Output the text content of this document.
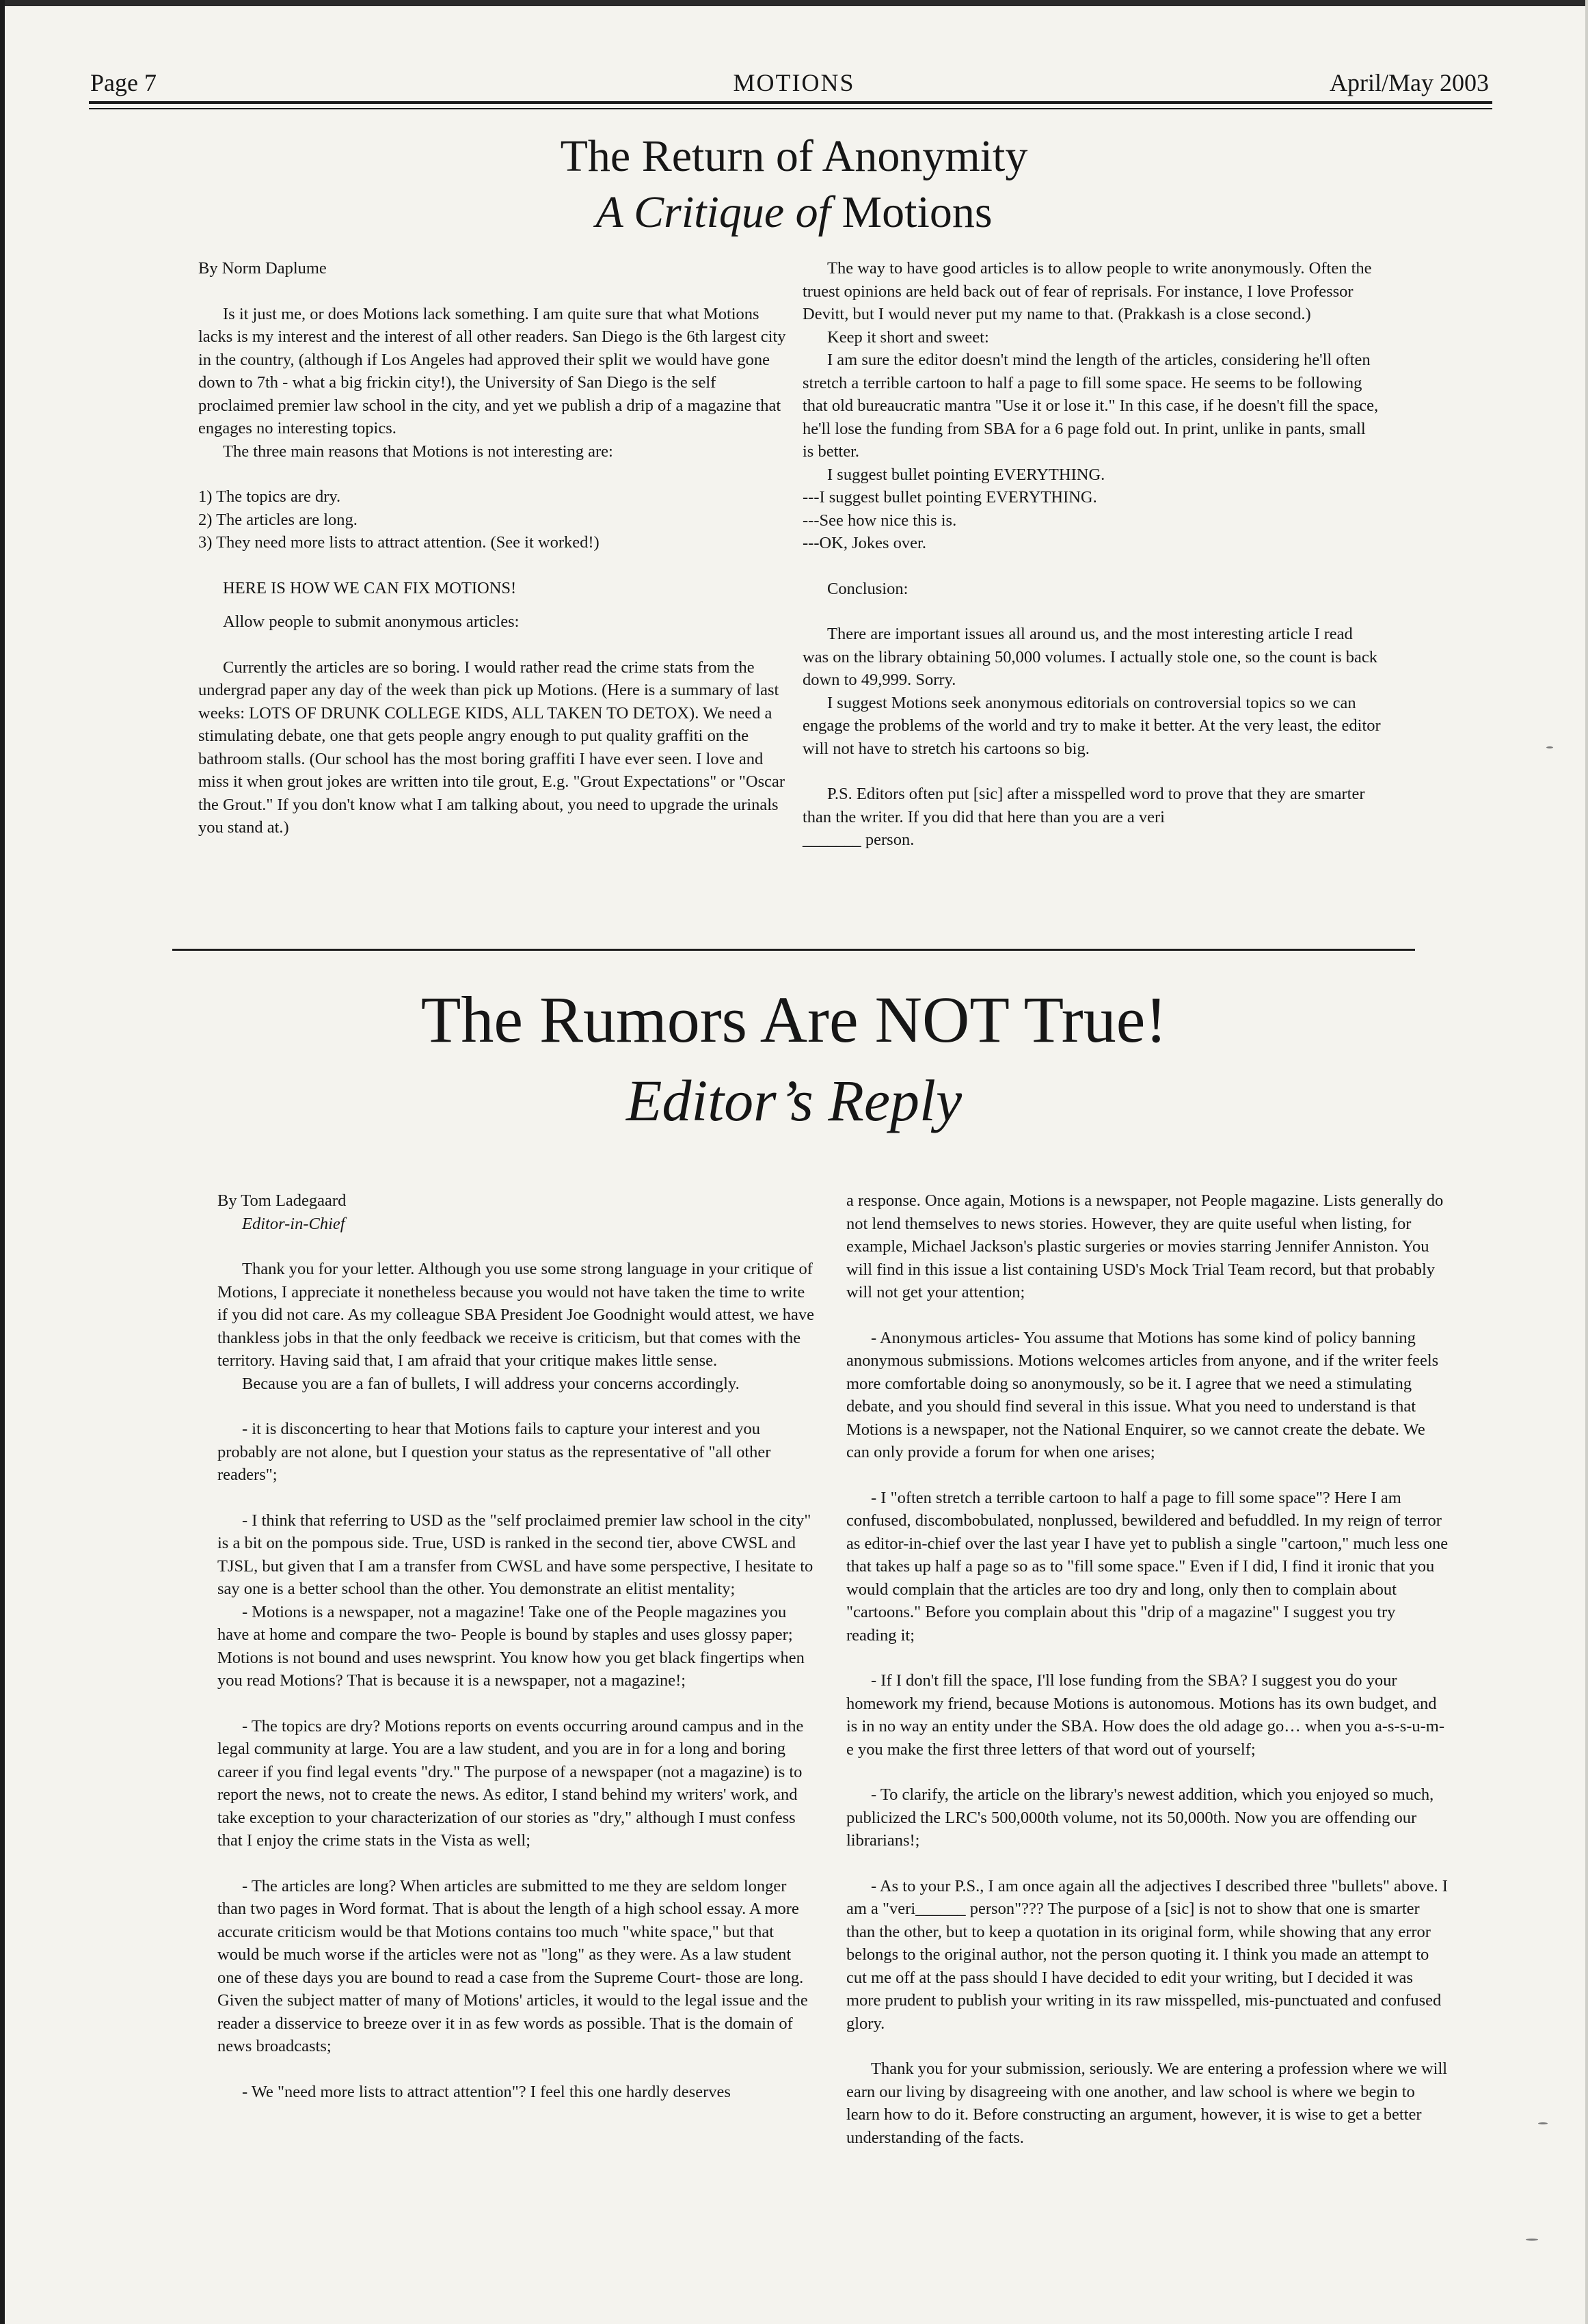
Page 7	MOTIONS	April/May 2003
The Return of Anonymity
A Critique of Motions

By Norm Daplume

Is it just me, or does Motions lack something. I am quite sure that what Motions lacks is my interest and the interest of all other readers. San Diego is the 6th largest city in the country, (although if Los Angeles had approved their split we would have gone down to 7th - what a big frickin city!), the University of San Diego is the self proclaimed premier law school in the city, and yet we publish a drip of a magazine that engages no interesting topics.

The three main reasons that Motions is not interesting are:

1) The topics are dry.

2) The articles are long.

3) They need more lists to attract attention. (See it worked!)

HERE IS HOW WE CAN FIX MOTIONS!

Allow people to submit anonymous articles:

Currently the articles are so boring. I would rather read the crime stats from the undergrad paper any day of the week than pick up Motions. (Here is a summary of last weeks: LOTS OF DRUNK COLLEGE KIDS, ALL TAKEN TO DETOX). We need a stimulating debate, one that gets people angry enough to put quality graffiti on the bathroom stalls. (Our school has the most boring graffiti I have ever seen. I love and miss it when grout jokes are written into tile grout, E.g. "Grout Expectations" or "Oscar the Grout." If you don't know what I am talking about, you need to upgrade the urinals you stand at.)

The way to have good articles is to allow people to write anonymously. Often the truest opinions are held back out of fear of reprisals. For instance, I love Professor Devitt, but I would never put my name to that. (Prakkash is a close second.)

Keep it short and sweet:

I am sure the editor doesn't mind the length of the articles, considering he'll often stretch a terrible cartoon to half a page to fill some space. He seems to be following that old bureaucratic mantra "Use it or lose it." In this case, if he doesn't fill the space, he'll lose the funding from SBA for a 6 page fold out. In print, unlike in pants, small is better.

I suggest bullet pointing EVERYTHING.

---I suggest bullet pointing EVERYTHING.

---See how nice this is.

---OK, Jokes over.

Conclusion:

There are important issues all around us, and the most interesting article I read was on the library obtaining 50,000 volumes. I actually stole one, so the count is back down to 49,999. Sorry.

I suggest Motions seek anonymous editorials on controversial topics so we can engage the problems of the world and try to make it better. At the very least, the editor will not have to stretch his cartoons so big.

P.S. Editors often put [sic] after a misspelled word to prove that they are smarter than the writer. If you did that here than you are a veri

_______ person.

The Rumors Are NOT True!
Editor’s Reply

By Tom Ladegaard

Editor-in-Chief

Thank you for your letter. Although you use some strong language in your critique of Motions, I appreciate it nonetheless because you would not have taken the time to write if you did not care. As my colleague SBA President Joe Goodnight would attest, we have thankless jobs in that the only feedback we receive is criticism, but that comes with the territory. Having said that, I am afraid that your critique makes little sense.

Because you are a fan of bullets, I will address your concerns accordingly.

- it is disconcerting to hear that Motions fails to capture your interest and you probably are not alone, but I question your status as the representative of "all other readers";

- I think that referring to USD as the "self proclaimed premier law school in the city" is a bit on the pompous side. True, USD is ranked in the second tier, above CWSL and TJSL, but given that I am a transfer from CWSL and have some perspective, I hesitate to say one is a better school than the other. You demonstrate an elitist mentality;

- Motions is a newspaper, not a magazine! Take one of the People magazines you have at home and compare the two- People is bound by staples and uses glossy paper; Motions is not bound and uses newsprint. You know how you get black fingertips when you read Motions? That is because it is a newspaper, not a magazine!;

- The topics are dry? Motions reports on events occurring around campus and in the legal community at large. You are a law student, and you are in for a long and boring career if you find legal events "dry." The purpose of a newspaper (not a magazine) is to report the news, not to create the news. As editor, I stand behind my writers' work, and take exception to your characterization of our stories as "dry," although I must confess that I enjoy the crime stats in the Vista as well;

- The articles are long? When articles are submitted to me they are seldom longer than two pages in Word format. That is about the length of a high school essay. A more accurate criticism would be that Motions contains too much "white space," but that would be much worse if the articles were not as "long" as they were. As a law student one of these days you are bound to read a case from the Supreme Court- those are long. Given the subject matter of many of Motions' articles, it would to the legal issue and the reader a disservice to breeze over it in as few words as possible. That is the domain of news broadcasts;

- We "need more lists to attract attention"? I feel this one hardly deserves

a response. Once again, Motions is a newspaper, not People magazine. Lists generally do not lend themselves to news stories. However, they are quite useful when listing, for example, Michael Jackson's plastic surgeries or movies starring Jennifer Anniston. You will find in this issue a list containing USD's Mock Trial Team record, but that probably will not get your attention;

- Anonymous articles- You assume that Motions has some kind of policy banning anonymous submissions. Motions welcomes articles from anyone, and if the writer feels more comfortable doing so anonymously, so be it. I agree that we need a stimulating debate, and you should find several in this issue. What you need to understand is that Motions is a newspaper, not the National Enquirer, so we cannot create the debate. We can only provide a forum for when one arises;

- I "often stretch a terrible cartoon to half a page to fill some space"? Here I am confused, discombobulated, nonplussed, bewildered and befuddled. In my reign of terror as editor-in-chief over the last year I have yet to publish a single "cartoon," much less one that takes up half a page so as to "fill some space." Even if I did, I find it ironic that you would complain that the articles are too dry and long, only then to complain about "cartoons." Before you complain about this "drip of a magazine" I suggest you try reading it;

- If I don't fill the space, I'll lose funding from the SBA? I suggest you do your homework my friend, because Motions is autonomous. Motions has its own budget, and is in no way an entity under the SBA. How does the old adage go… when you a-s-s-u-m-e you make the first three letters of that word out of yourself;

- To clarify, the article on the library's newest addition, which you enjoyed so much, publicized the LRC's 500,000th volume, not its 50,000th. Now you are offending our librarians!;

- As to your P.S., I am once again all the adjectives I described three "bullets" above. I am a "veri______ person"??? The purpose of a [sic] is not to show that one is smarter than the other, but to keep a quotation in its original form, while showing that any error belongs to the original author, not the person quoting it. I think you made an attempt to cut me off at the pass should I have decided to edit your writing, but I decided it was more prudent to publish your writing in its raw misspelled, mis-punctuated and confused glory.

Thank you for your submission, seriously. We are entering a profession where we will earn our living by disagreeing with one another, and law school is where we begin to learn how to do it. Before constructing an argument, however, it is wise to get a better understanding of the facts.
